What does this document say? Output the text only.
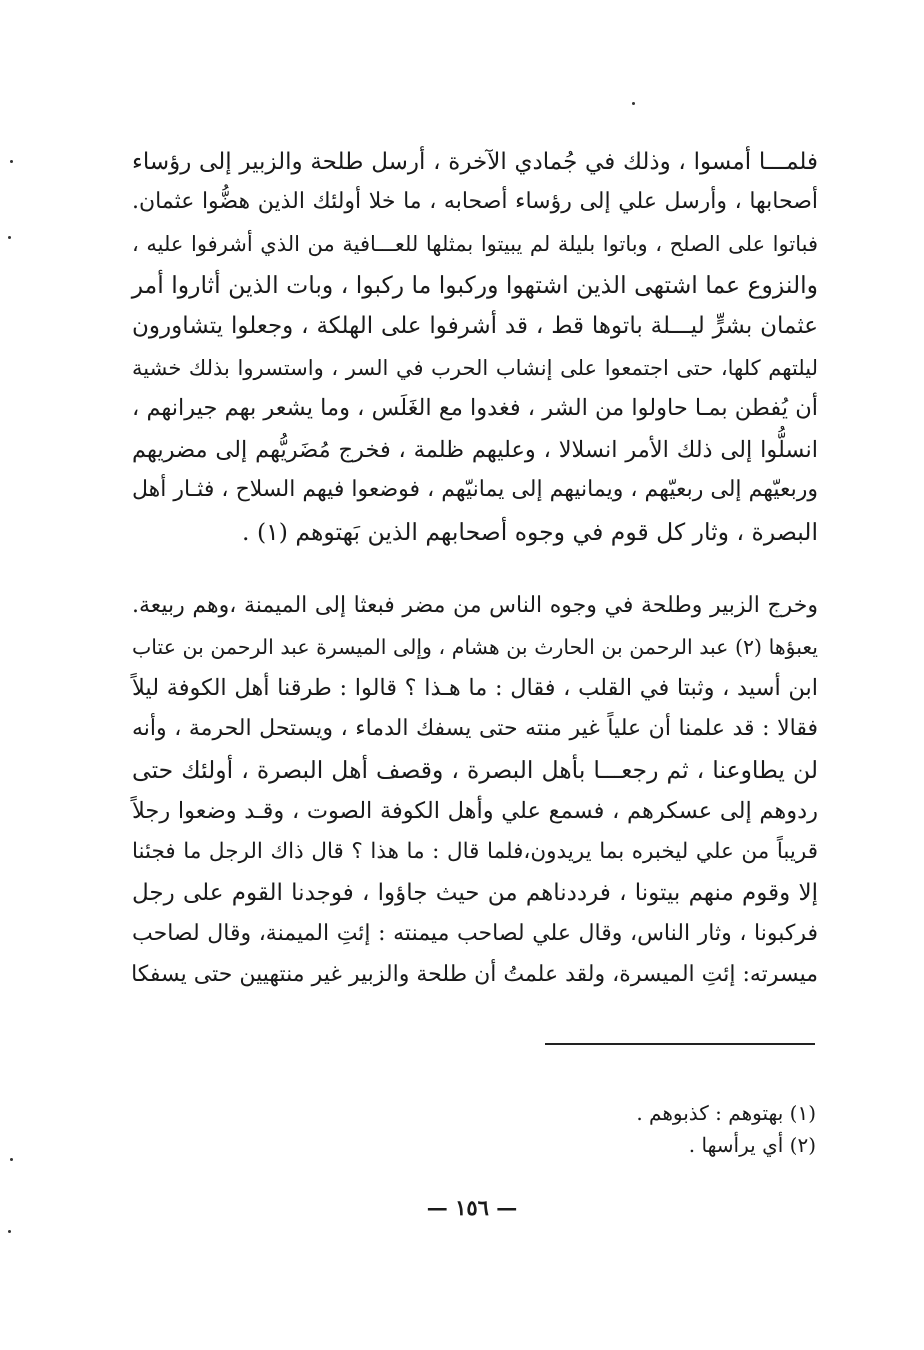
فلمـــا أمسوا ، وذلك في جُمادي الآخرة ، أرسل طلحة والزبير إلى رؤساء
أصحابها ، وأرسل علي إلى رؤساء أصحابه ، ما خلا أولئك الذين هضُّوا عثمان.
فباتوا على الصلح ، وباتوا بليلة لم يبيتوا بمثلها للعـــافية من الذي أشرفوا عليه ،
والنزوع عما اشتهى الذين اشتهوا وركبوا ما ركبوا ، وبات الذين أثاروا أمر
عثمان بشرٍّ ليـــلة باتوها قط ، قد أشرفوا على الهلكة ، وجعلوا يتشاورون
ليلتهم كلها، حتى اجتمعوا على إنشاب الحرب في السر ، واستسروا بذلك خشية
أن يُفطن بمـا حاولوا من الشر ، فغدوا مع الغَلَس ، وما يشعر بهم جيرانهم ،
انسلُّوا إلى ذلك الأمر انسلالا ، وعليهم ظلمة ، فخرج مُضَريُّهم إلى مضريهم
وربعيّهم إلى ربعيّهم ، ويمانيهم إلى يمانيّهم ، فوضعوا فيهم السلاح ، فثـار أهل
البصرة ، وثار كل قوم في وجوه أصحابهم الذين بَهتوهم (١) .
وخرج الزبير وطلحة في وجوه الناس من مضر فبعثا إلى الميمنة ،وهم ربيعة.
يعبؤها (٢) عبد الرحمن بن الحارث بن هشام ، وإلى الميسرة عبد الرحمن بن عتاب
ابن أسيد ، وثبتا في القلب ، فقال : ما هـذا ؟ قالوا : طرقنا أهل الكوفة ليلاً
فقالا : قد علمنا أن علياً غير منته حتى يسفك الدماء ، ويستحل الحرمة ، وأنه
لن يطاوعنا ، ثم رجعـــا بأهل البصرة ، وقصف أهل البصرة ، أولئك حتى
ردوهم إلى عسكرهم ، فسمع علي وأهل الكوفة الصوت ، وقـد وضعوا رجلاً
قريباً من علي ليخبره بما يريدون،فلما قال : ما هذا ؟ قال ذاك الرجل ما فجئنا
إلا وقوم منهم بيتونا ، فرددناهم من حيث جاؤوا ، فوجدنا القوم على رجل
فركبونا ، وثار الناس، وقال علي لصاحب ميمنته : إئتِ الميمنة، وقال لصاحب
ميسرته: إئتِ الميسرة، ولقد علمتُ أن طلحة والزبير غير منتهيين حتى يسفكا
(١) بهتوهم : كذبوهم .
(٢) أي يرأسها .
— ١٥٦ —
